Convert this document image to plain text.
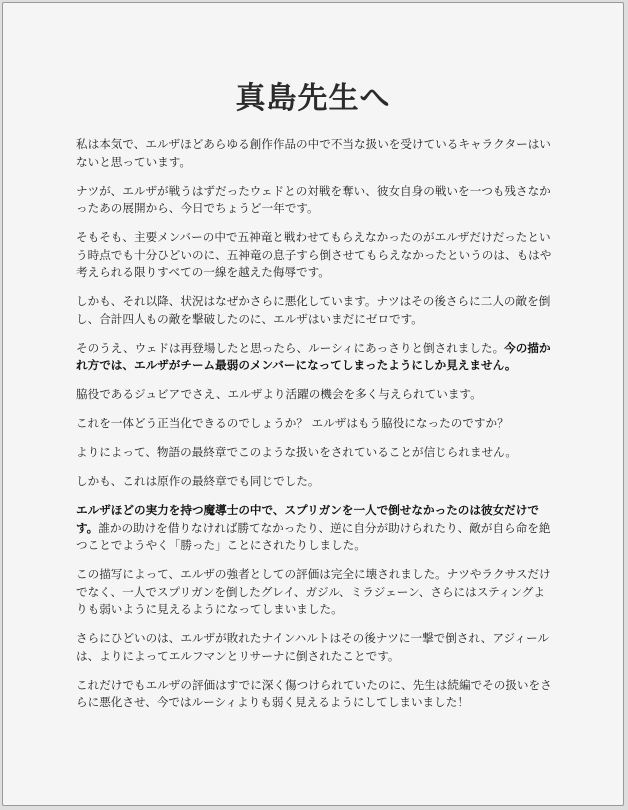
真島先生へ

私は本気で、エルザほどあらゆる創作作品の中で不当な扱いを受けているキャラクターはいないと思っています。

ナツが、エルザが戦うはずだったウェドとの対戦を奪い、彼女自身の戦いを一つも残さなかったあの展開から、今日でちょうど一年です。

そもそも、主要メンバーの中で五神竜と戦わせてもらえなかったのがエルザだけだったという時点でも十分ひどいのに、五神竜の息子すら倒させてもらえなかったというのは、もはや考えられる限りすべての一線を越えた侮辱です。

しかも、それ以降、状況はなぜかさらに悪化しています。ナツはその後さらに二人の敵を倒し、合計四人もの敵を撃破したのに、エルザはいまだにゼロです。

そのうえ、ウェドは再登場したと思ったら、ルーシィにあっさりと倒されました。今の描かれ方では、エルザがチーム最弱のメンバーになってしまったようにしか見えません。

脇役であるジュビアでさえ、エルザより活躍の機会を多く与えられています。

これを一体どう正当化できるのでしょうか？ エルザはもう脇役になったのですか？

よりによって、物語の最終章でこのような扱いをされていることが信じられません。

しかも、これは原作の最終章でも同じでした。

エルザほどの実力を持つ魔導士の中で、スプリガンを一人で倒せなかったのは彼女だけです。誰かの助けを借りなければ勝てなかったり、逆に自分が助けられたり、敵が自ら命を絶つことでようやく「勝った」ことにされたりしました。

この描写によって、エルザの強者としての評価は完全に壊されました。ナツやラクサスだけでなく、一人でスプリガンを倒したグレイ、ガジル、ミラジェーン、さらにはスティングよりも弱いように見えるようになってしまいました。

さらにひどいのは、エルザが敗れたナインハルトはその後ナツに一撃で倒され、アジィールは、よりによってエルフマンとリサーナに倒されたことです。

これだけでもエルザの評価はすでに深く傷つけられていたのに、先生は続編でその扱いをさらに悪化させ、今ではルーシィよりも弱く見えるようにしてしまいました！
